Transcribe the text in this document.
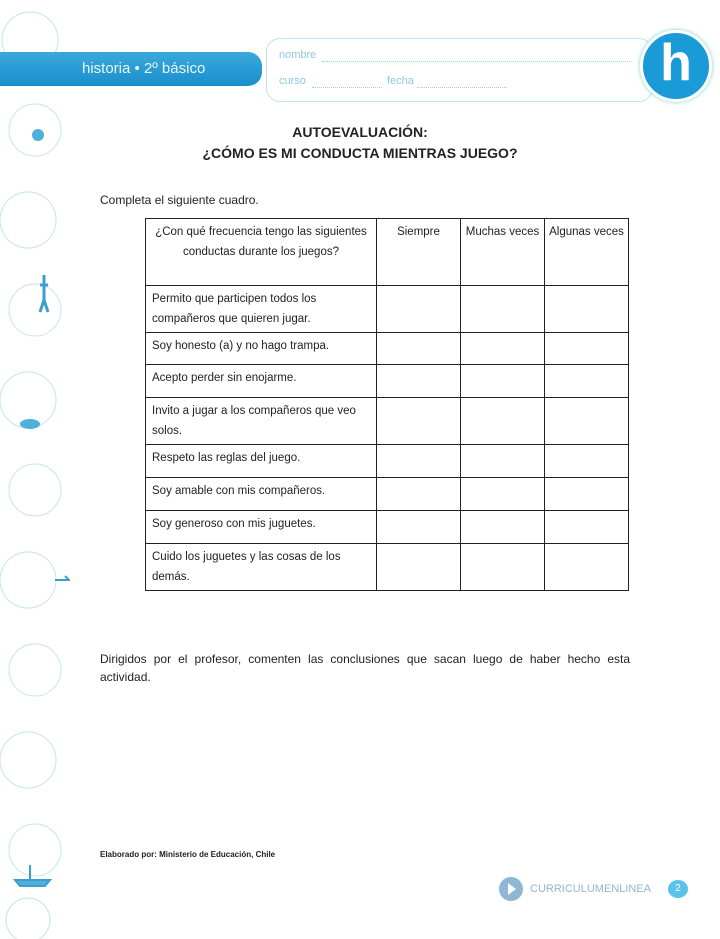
historia • 2º básico
nombre
curso	fecha	h
AUTOEVALUACIÓN:
¿CÓMO ES MI CONDUCTA MIENTRAS JUEGO?
Completa el siguiente cuadro.
¿Con qué frecuencia tengo las siguientes conductas durante los juegos?	Siempre	Muchas veces	Algunas veces
Permito que participen todos los compañeros que quieren jugar.			
Soy honesto (a) y no hago trampa.			
Acepto perder sin enojarme.			
Invito a jugar a los compañeros que veo solos.			
Respeto las reglas del juego.			
Soy amable con mis compañeros.			
Soy generoso con mis juguetes.			
Cuido los juguetes y las cosas de los demás.			
Dirigidos por el profesor, comenten las conclusiones que sacan luego de haber hecho esta actividad.
Elaborado por: Ministerio de Educación, Chile
CURRICULUMENLINEA	2
